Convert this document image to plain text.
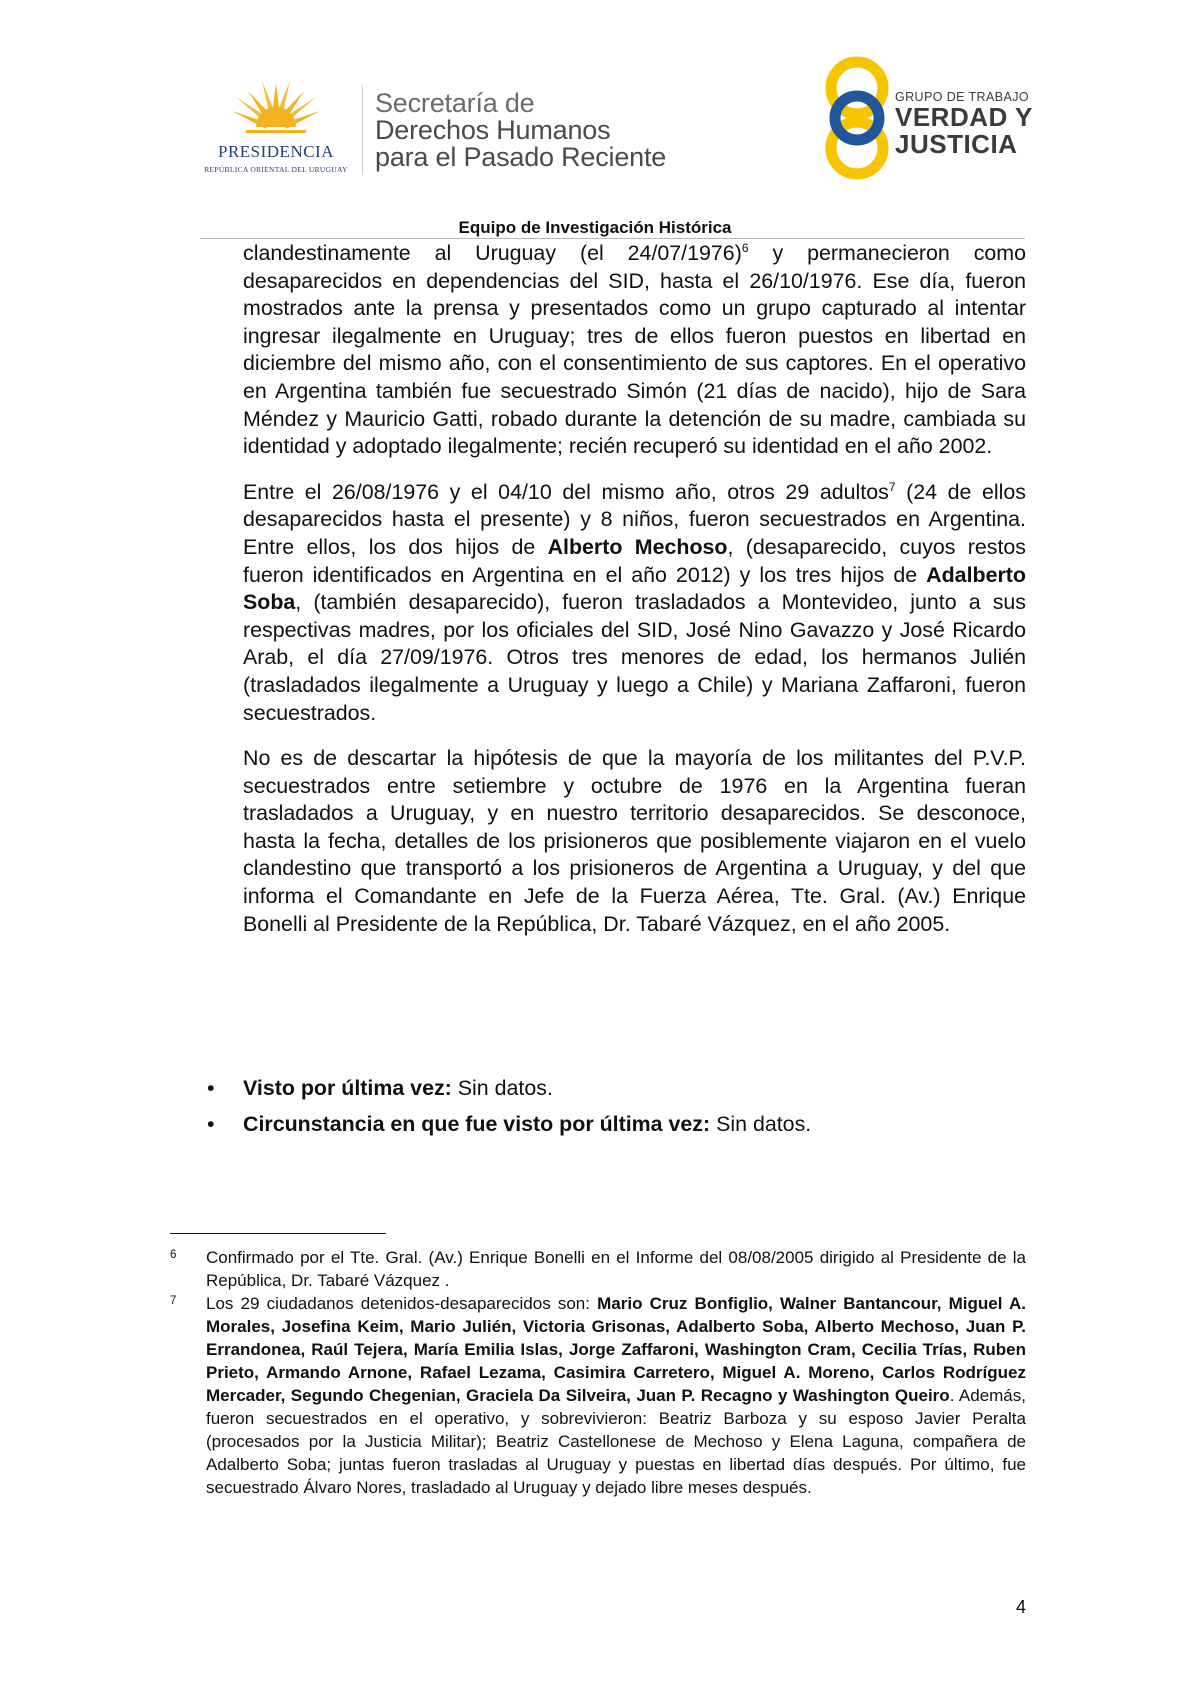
PRESIDENCIA
REPÚBLICA ORIENTAL DEL URUGUAY
Secretaría de
Derechos Humanos
para el Pasado Reciente
GRUPO DE TRABAJO
VERDAD Y
JUSTICIA
Equipo de Investigación Histórica

clandestinamente al Uruguay (el 24/07/1976)$^6$ y permanecieron como desaparecidos en dependencias del SID, hasta el 26/10/1976. Ese día, fueron mostrados ante la prensa y presentados como un grupo capturado al intentar ingresar ilegalmente en Uruguay; tres de ellos fueron puestos en libertad en diciembre del mismo año, con el consentimiento de sus captores. En el operativo en Argentina también fue secuestrado Simón (21 días de nacido), hijo de Sara Méndez y Mauricio Gatti, robado durante la detención de su madre, cambiada su identidad y adoptado ilegalmente; recién recuperó su identidad en el año 2002.

Entre el 26/08/1976 y el 04/10 del mismo año, otros 29 adultos$^7$ (24 de ellos desaparecidos hasta el presente) y 8 niños, fueron secuestrados en Argentina. Entre ellos, los dos hijos de Alberto Mechoso, (desaparecido, cuyos restos fueron identificados en Argentina en el año 2012) y los tres hijos de Adalberto Soba, (también desaparecido), fueron trasladados a Montevideo, junto a sus respectivas madres, por los oficiales del SID, José Nino Gavazzo y José Ricardo Arab, el día 27/09/1976. Otros tres menores de edad, los hermanos Julién (trasladados ilegalmente a Uruguay y luego a Chile) y Mariana Zaffaroni, fueron secuestrados.

No es de descartar la hipótesis de que la mayoría de los militantes del P.V.P. secuestrados entre setiembre y octubre de 1976 en la Argentina fueran trasladados a Uruguay, y en nuestro territorio desaparecidos. Se desconoce, hasta la fecha, detalles de los prisioneros que posiblemente viajaron en el vuelo clandestino que transportó a los prisioneros de Argentina a Uruguay, y del que informa el Comandante en Jefe de la Fuerza Aérea, Tte. Gral. (Av.) Enrique Bonelli al Presidente de la República, Dr. Tabaré Vázquez, en el año 2005.

• Visto por última vez: Sin datos.
• Circunstancia en que fue visto por última vez: Sin datos.
6 Confirmado por el Tte. Gral. (Av.) Enrique Bonelli en el Informe del 08/08/2005 dirigido al Presidente de la República, Dr. Tabaré Vázquez .
7 Los 29 ciudadanos detenidos-desaparecidos son: Mario Cruz Bonfiglio, Walner Bantancour, Miguel A. Morales, Josefina Keim, Mario Julién, Victoria Grisonas, Adalberto Soba, Alberto Mechoso, Juan P. Errandonea, Raúl Tejera, María Emilia Islas, Jorge Zaffaroni, Washington Cram, Cecilia Trías, Ruben Prieto, Armando Arnone, Rafael Lezama, Casimira Carretero, Miguel A. Moreno, Carlos Rodríguez Mercader, Segundo Chegenian, Graciela Da Silveira, Juan P. Recagno y Washington Queiro. Además, fueron secuestrados en el operativo, y sobrevivieron: Beatriz Barboza y su esposo Javier Peralta (procesados por la Justicia Militar); Beatriz Castellonese de Mechoso y Elena Laguna, compañera de Adalberto Soba; juntas fueron trasladas al Uruguay y puestas en libertad días después. Por último, fue secuestrado Álvaro Nores, trasladado al Uruguay y dejado libre meses después.
4
